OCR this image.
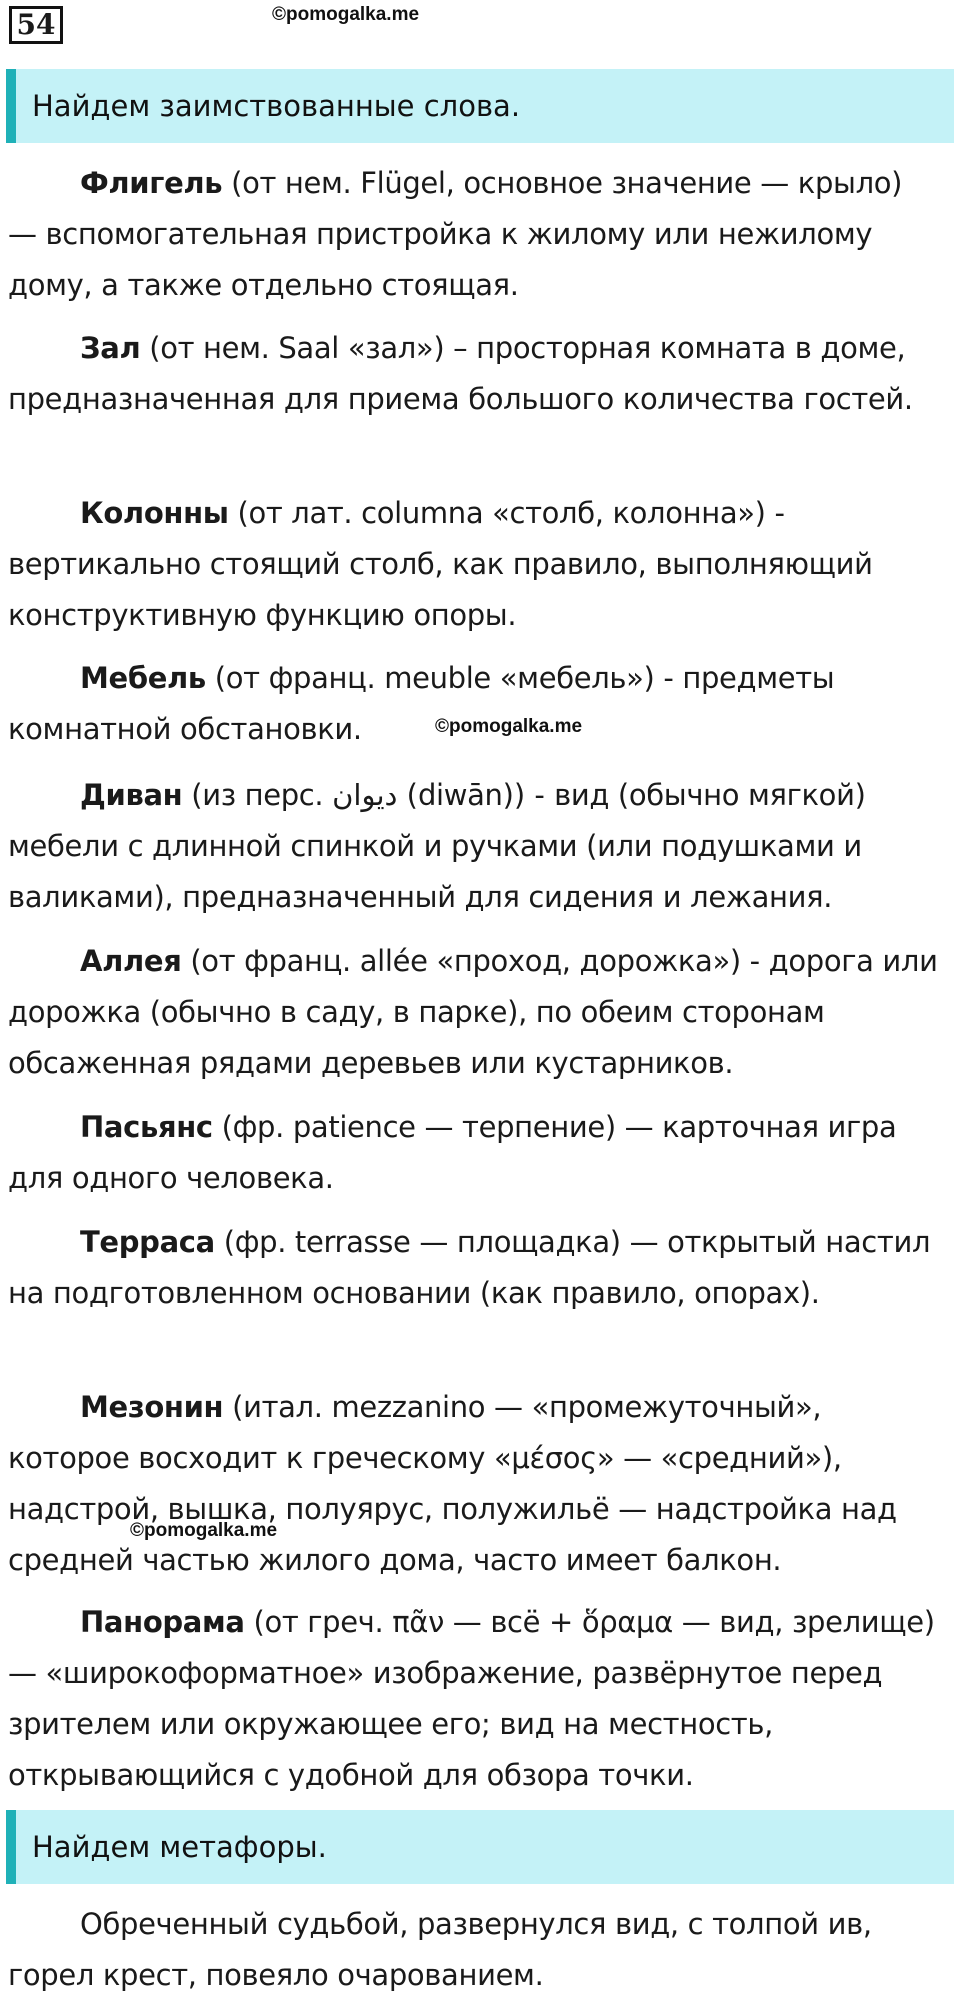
54	©pomogalka.me
Найдем заимствованные слова.

Флигель (от нем. Flügel, основное значение — крыло) — вспомогательная пристройка к жилому или нежилому дому, а также отдельно стоящая.

Зал (от нем. Saal «зал») – просторная комната в доме, предназначенная для приема большого количества гостей.

Колонны (от лат. columna «столб, колонна») - вертикально стоящий столб, как правило, выполняющий конструктивную функцию опоры.

Мебель (от франц. meuble «мебель») - предметы комнатной обстановки.	©pomogalka.me

Диван (из перс. ديوان (diwān)) - вид (обычно мягкой) мебели с длинной спинкой и ручками (или подушками и валиками), предназначенный для сидения и лежания.

Аллея (от франц. allée «проход, дорожка») - дорога или дорожка (обычно в саду, в парке), по обеим сторонам обсаженная рядами деревьев или кустарников.

Пасьянс (фр. patience — терпение) — карточная игра для одного человека.

Терраса (фр. terrasse — площадка) — открытый настил на подготовленном основании (как правило, опорах).

Мезонин (итал. mezzanino — «промежуточный», которое восходит к греческому «μέσος» — «средний»), надстрой, вышка, полуярус, полужильё — надстройка над средней частью жилого дома, часто имеет балкон.

©pomogalka.me

Панорама (от греч. πᾶν — всё + ὅραμα — вид, зрелище) — «широкоформатное» изображение, развёрнутое перед зрителем или окружающее его; вид на местность, открывающийся с удобной для обзора точки.

Найдем метафоры.

Обреченный судьбой, развернулся вид, с толпой ив, горел крест, повеяло очарованием.
